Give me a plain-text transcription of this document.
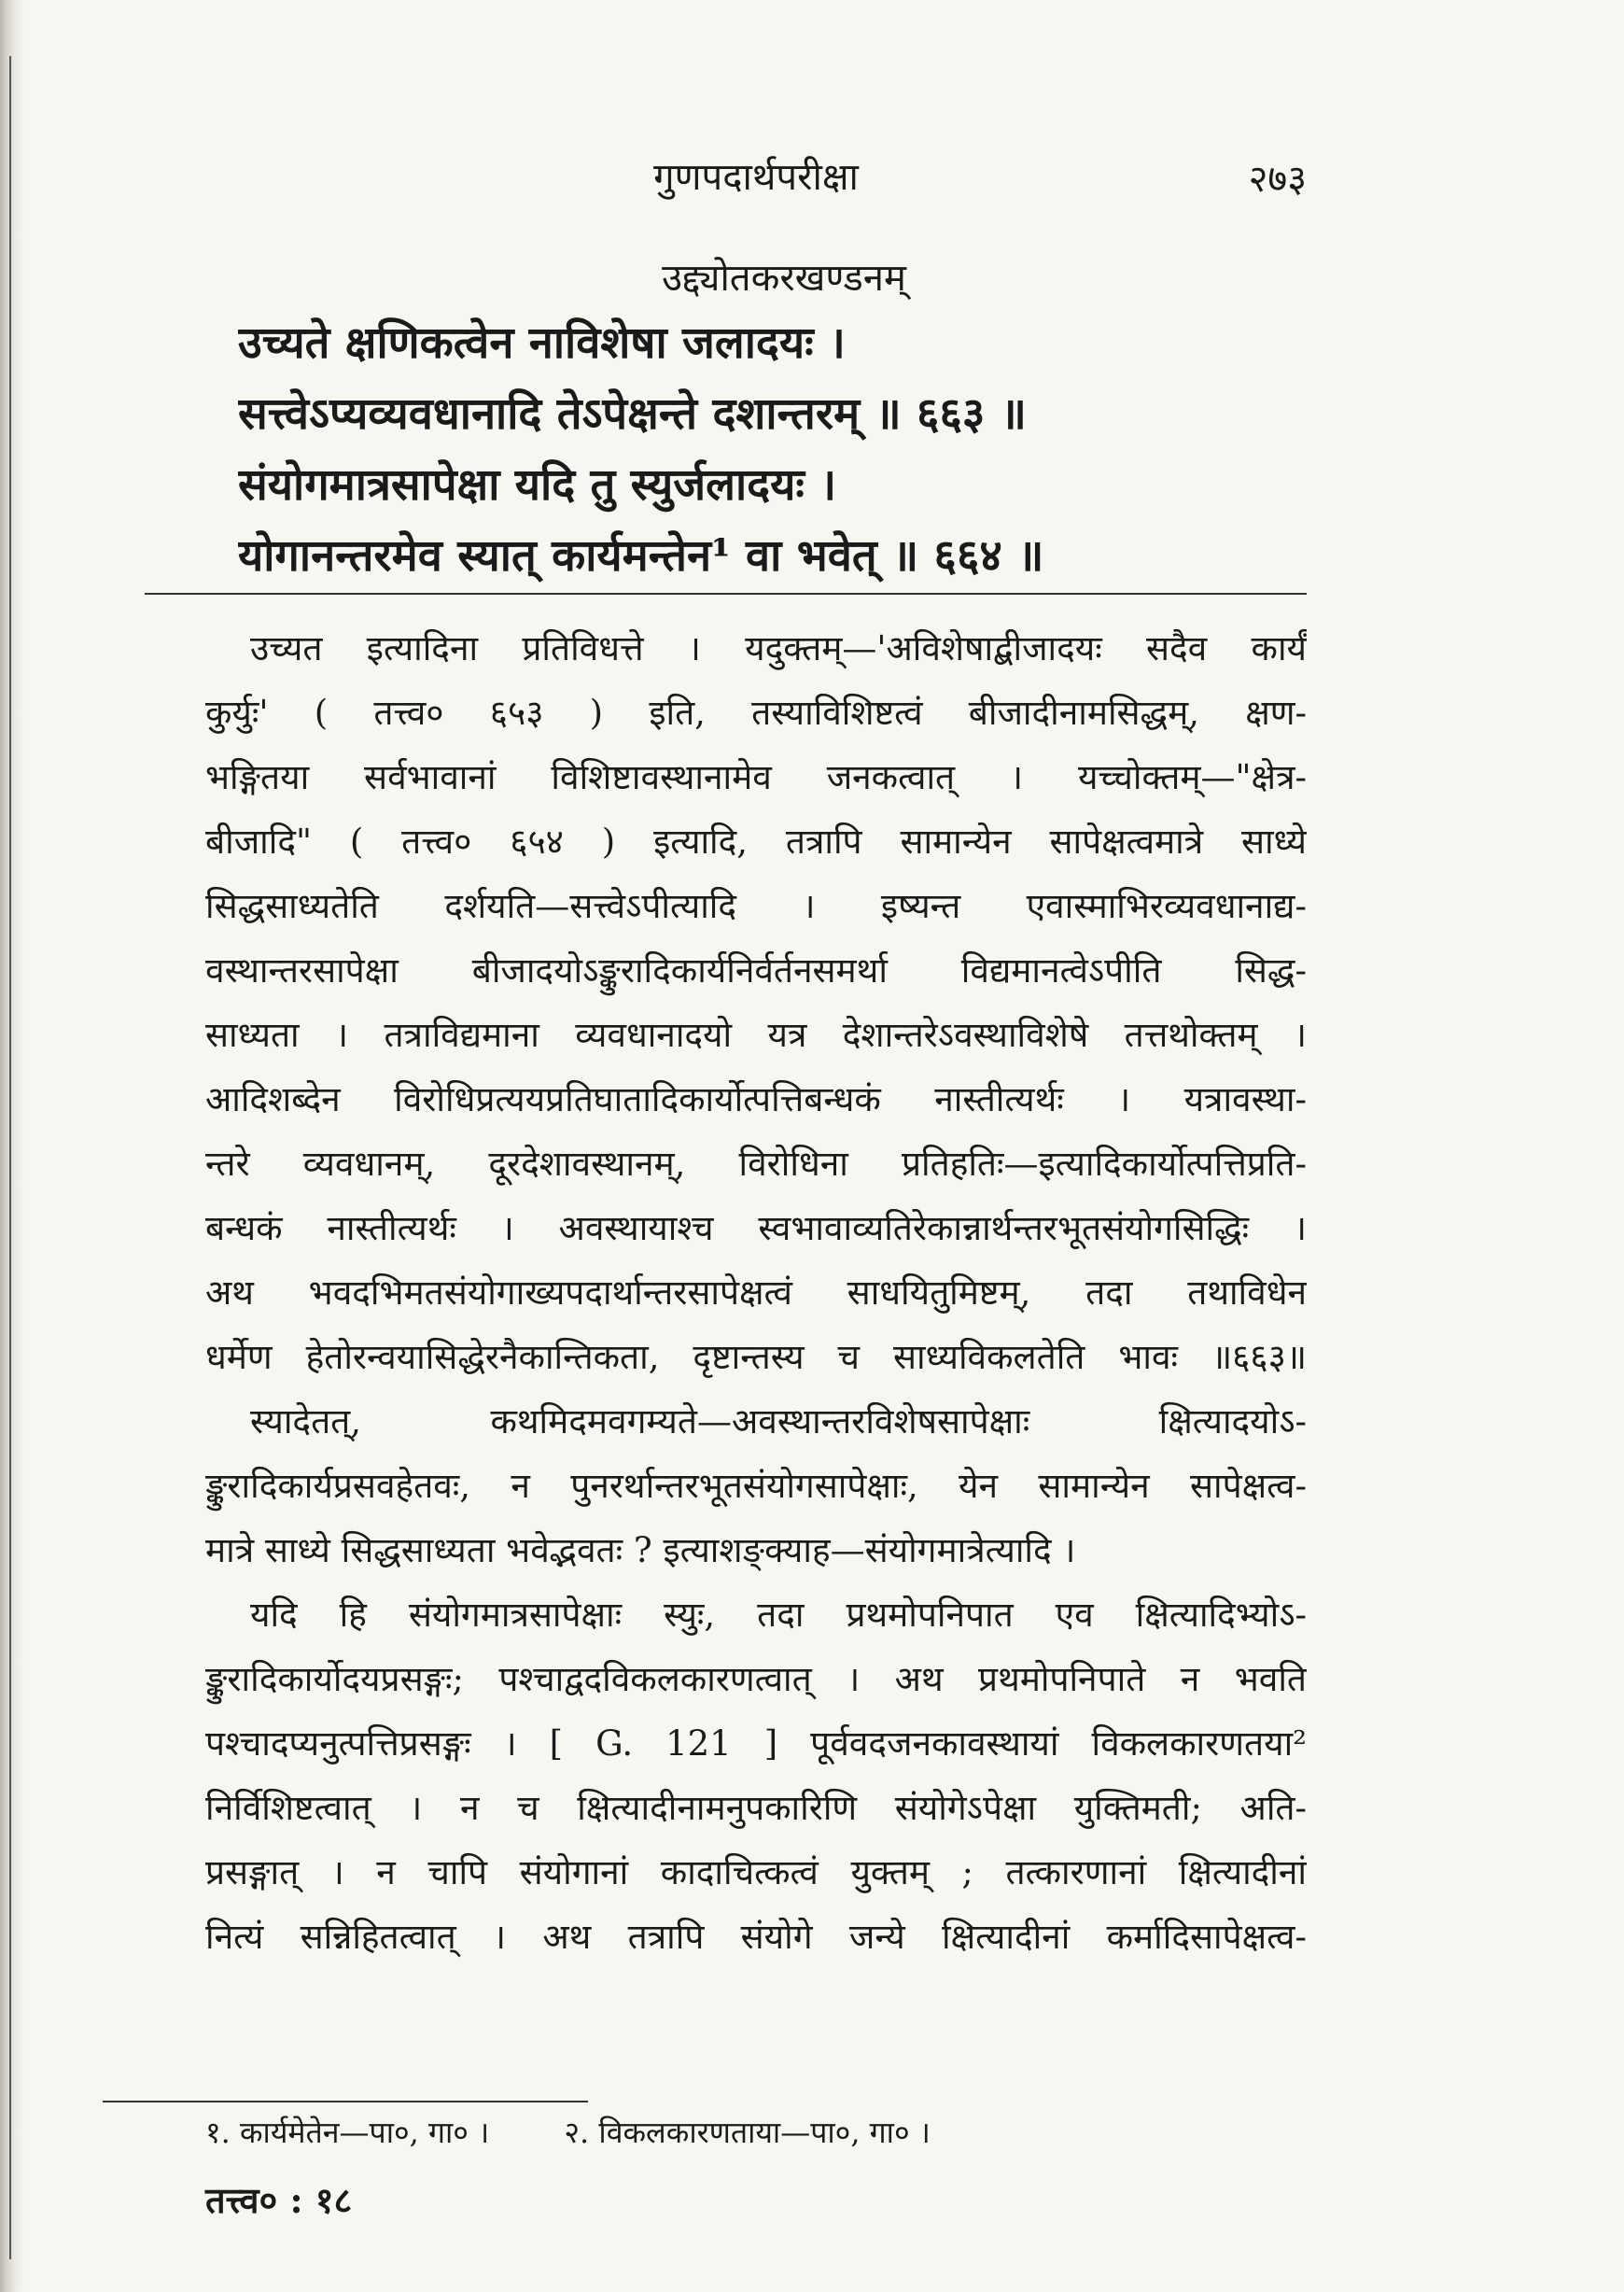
गुणपदार्थपरीक्षा	२७३
उद्द्योतकरखण्डनम्
उच्यते क्षणिकत्वेन नाविशेषा जलादयः ।
सत्त्वेऽप्यव्यवधानादि तेऽपेक्षन्ते दशान्तरम् ॥ ६६३ ॥
संयोगमात्रसापेक्षा यदि तु स्युर्जलादयः ।
योगानन्तरमेव स्यात् कार्यमन्तेन¹ वा भवेत् ॥ ६६४ ॥
उच्यत इत्यादिना प्रतिविधत्ते । यदुक्तम्—'अविशेषाद्बीजादयः सदैव कार्यं
कुर्युः' ( तत्त्व० ६५३ ) इति, तस्याविशिष्टत्वं बीजादीनामसिद्धम्, क्षण-
भङ्गितया सर्वभावानां विशिष्टावस्थानामेव जनकत्वात् । यच्चोक्तम्—"क्षेत्र-
बीजादि" ( तत्त्व० ६५४ ) इत्यादि, तत्रापि सामान्येन सापेक्षत्वमात्रे साध्ये
सिद्धसाध्यतेति दर्शयति—सत्त्वेऽपीत्यादि । इष्यन्त एवास्माभिरव्यवधानाद्य-
वस्थान्तरसापेक्षा बीजादयोऽङ्कुरादिकार्यनिर्वर्तनसमर्था विद्यमानत्वेऽपीति सिद्ध-
साध्यता । तत्राविद्यमाना व्यवधानादयो यत्र देशान्तरेऽवस्थाविशेषे तत्तथोक्तम् ।
आदिशब्देन विरोधिप्रत्ययप्रतिघातादिकार्योत्पत्तिबन्धकं नास्तीत्यर्थः । यत्रावस्था-
न्तरे व्यवधानम्, दूरदेशावस्थानम्, विरोधिना प्रतिहतिः—इत्यादिकार्योत्पत्तिप्रति-
बन्धकं नास्तीत्यर्थः । अवस्थायाश्च स्वभावाव्यतिरेकान्नार्थन्तरभूतसंयोगसिद्धिः ।
अथ भवदभिमतसंयोगाख्यपदार्थान्तरसापेक्षत्वं साधयितुमिष्टम्, तदा तथाविधेन
धर्मेण हेतोरन्वयासिद्धेरनैकान्तिकता, दृष्टान्तस्य च साध्यविकलतेति भावः ॥६६३॥
स्यादेतत्, कथमिदमवगम्यते—अवस्थान्तरविशेषसापेक्षाः क्षित्यादयोऽ-
ङ्कुरादिकार्यप्रसवहेतवः, न पुनरर्थान्तरभूतसंयोगसापेक्षाः, येन सामान्येन सापेक्षत्व-
मात्रे साध्ये सिद्धसाध्यता भवेद्भवतः ? इत्याशङ्क्याह—संयोगमात्रेत्यादि ।
यदि हि संयोगमात्रसापेक्षाः स्युः, तदा प्रथमोपनिपात एव क्षित्यादिभ्योऽ-
ङ्कुरादिकार्योदयप्रसङ्गः; पश्चाद्वदविकलकारणत्वात् । अथ प्रथमोपनिपाते न भवति
पश्चादप्यनुत्पत्तिप्रसङ्गः । [ G. 121 ] पूर्ववदजनकावस्थायां विकलकारणतया²
निर्विशिष्टत्वात् । न च क्षित्यादीनामनुपकारिणि संयोगेऽपेक्षा युक्तिमती; अति-
प्रसङ्गात् । न चापि संयोगानां कादाचित्कत्वं युक्तम् ; तत्कारणानां क्षित्यादीनां
नित्यं सन्निहितत्वात् । अथ तत्रापि संयोगे जन्ये क्षित्यादीनां कर्मादिसापेक्षत्व-
१. कार्यमेतेन—पा०, गा० ।	२. विकलकारणताया—पा०, गा० ।
तत्त्व० : १८
